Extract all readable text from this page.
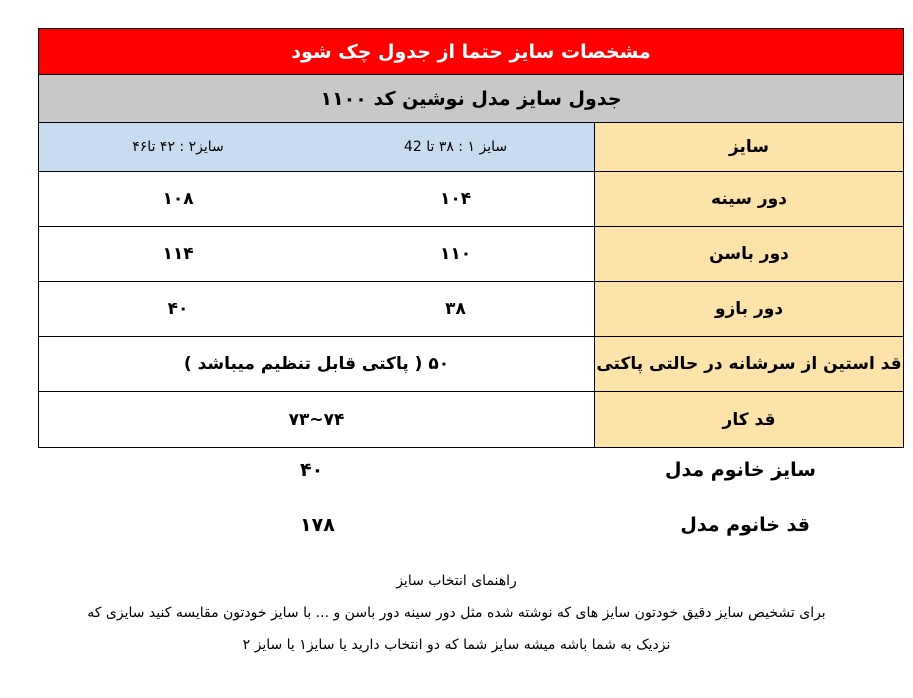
مشخصات سایز حتما از جدول چک شود
جدول سایز مدل نوشین کد ۱۱۰۰
سایز
سایز ۱ : ۳۸ تا 42
سایز۲ : ۴۲ تا۴۶
دور سینه
۱۰۴
۱۰۸
دور باسن
۱۱۰
۱۱۴
دور بازو
۳۸
۴۰
قد استین از سرشانه در حالتی پاکتی
۵۰ ( پاکتی قابل تنظیم میباشد )
قد کار
۷۴~۷۳
سایز خانوم مدل
۴۰
قد خانوم مدل
۱۷۸
راهنمای انتخاب سایز
برای تشخیص سایز دقیق خودتون سایز های که نوشته شده مثل دور سینه دور باسن و ... با سایز خودتون مقایسه کنید سایزی که
نزدیک به شما باشه میشه سایز شما که دو انتخاب دارید یا سایز۱ یا سایز ۲
